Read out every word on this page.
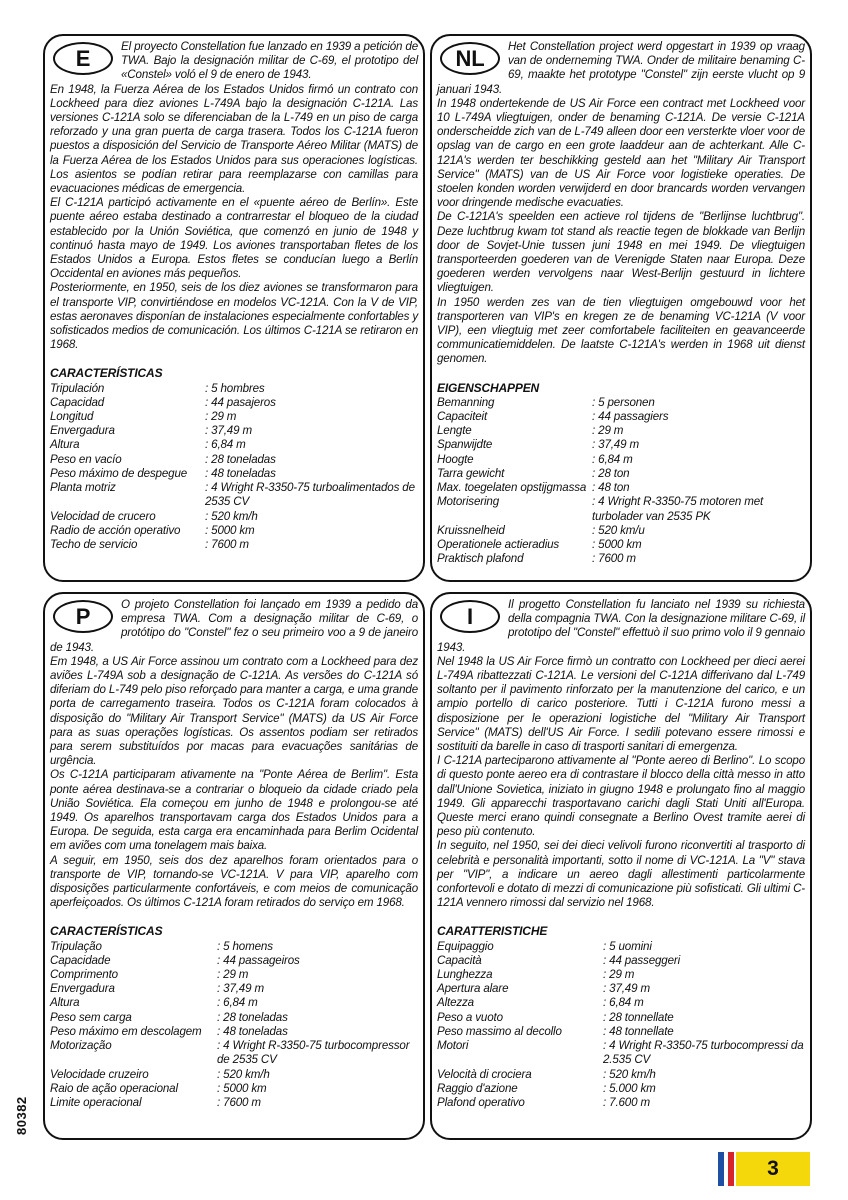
E	El proyecto Constellation fue lanzado en 1939 a petición de TWA. Bajo la designación militar de C-69, el prototipo del «Constel» voló el 9 de enero de 1943.

En 1948, la Fuerza Aérea de los Estados Unidos firmó un contrato con Lockheed para diez aviones L-749A bajo la designación C-121A. Las versiones C-121A solo se diferenciaban de la L-749 en un piso de carga reforzado y una gran puerta de carga trasera. Todos los C-121A fueron puestos a disposición del Servicio de Transporte Aéreo Militar (MATS) de la Fuerza Aérea de los Estados Unidos para sus operaciones logísticas. Los asientos se podían retirar para reemplazarse con camillas para evacuaciones médicas de emergencia.

El C-121A participó activamente en el «puente aéreo de Berlín». Este puente aéreo estaba destinado a contrarrestar el bloqueo de la ciudad establecido por la Unión Soviética, que comenzó en junio de 1948 y continuó hasta mayo de 1949. Los aviones transportaban fletes de los Estados Unidos a Europa. Estos fletes se conducían luego a Berlín Occidental en aviones más pequeños.

Posteriormente, en 1950, seis de los diez aviones se transformaron para el transporte VIP, convirtiéndose en modelos VC-121A. Con la V de VIP, estas aeronaves disponían de instalaciones especialmente confortables y sofisticados medios de comunicación. Los últimos C-121A se retiraron en 1968.

CARACTERÍSTICAS
Tripulación	: 5 hombres
Capacidad	: 44 pasajeros
Longitud	: 29 m
Envergadura	: 37,49 m
Altura	: 6,84 m
Peso en vacío	: 28 toneladas
Peso máximo de despegue	: 48 toneladas
Planta motriz	: 4 Wright R-3350-75 turboalimentados de 2535 CV
Velocidad de crucero	: 520 km/h
Radio de acción operativo	: 5000 km
Techo de servicio	: 7600 m
NL	Het Constellation project werd opgestart in 1939 op vraag van de onderneming TWA. Onder de militaire benaming C-69, maakte het prototype "Constel" zijn eerste vlucht op 9 januari 1943.

In 1948 ondertekende de US Air Force een contract met Lockheed voor 10 L-749A vliegtuigen, onder de benaming C-121A. De versie C-121A onderscheidde zich van de L-749 alleen door een versterkte vloer voor de opslag van de cargo en een grote laaddeur aan de achterkant. Alle C-121A's werden ter beschikking gesteld aan het "Military Air Transport Service" (MATS) van de US Air Force voor logistieke operaties. De stoelen konden worden verwijderd en door brancards worden vervangen voor dringende medische evacuaties.

De C-121A's speelden een actieve rol tijdens de "Berlijnse luchtbrug". Deze luchtbrug kwam tot stand als reactie tegen de blokkade van Berlijn door de Sovjet-Unie tussen juni 1948 en mei 1949. De vliegtuigen transporteerden goederen van de Verenigde Staten naar Europa. Deze goederen werden vervolgens naar West-Berlijn gestuurd in lichtere vliegtuigen.

In 1950 werden zes van de tien vliegtuigen omgebouwd voor het transporteren van VIP's en kregen ze de benaming VC-121A (V voor VIP), een vliegtuig met zeer comfortabele faciliteiten en geavanceerde communicatiemiddelen. De laatste C-121A's werden in 1968 uit dienst genomen.

EIGENSCHAPPEN
Bemanning	: 5 personen
Capaciteit	: 44 passagiers
Lengte	: 29 m
Spanwijdte	: 37,49 m
Hoogte	: 6,84 m
Tarra gewicht	: 28 ton
Max. toegelaten opstijgmassa : 48 ton
Motorisering	: 4 Wright R-3350-75 motoren met turbolader van 2535 PK
Kruissnelheid	: 520 km/u
Operationele actieradius	: 5000 km
Praktisch plafond	: 7600 m
P	O projeto Constellation foi lançado em 1939 a pedido da empresa TWA. Com a designação militar de C-69, o protótipo do "Constel" fez o seu primeiro voo a 9 de janeiro de 1943.

Em 1948, a US Air Force assinou um contrato com a Lockheed para dez aviões L-749A sob a designação de C-121A. As versões do C-121A só diferiam do L-749 pelo piso reforçado para manter a carga, e uma grande porta de carregamento traseira. Todos os C-121A foram colocados à disposição do "Military Air Transport Service" (MATS) da US Air Force para as suas operações logísticas. Os assentos podiam ser retirados para serem substituídos por macas para evacuações sanitárias de urgência.

Os C-121A participaram ativamente na "Ponte Aérea de Berlim". Esta ponte aérea destinava-se a contrariar o bloqueio da cidade criado pela União Soviética. Ela começou em junho de 1948 e prolongou-se até 1949. Os aparelhos transportavam carga dos Estados Unidos para a Europa. De seguida, esta carga era encaminhada para Berlim Ocidental em aviões com uma tonelagem mais baixa.

A seguir, em 1950, seis dos dez aparelhos foram orientados para o transporte de VIP, tornando-se VC-121A. V para VIP, aparelho com disposições particularmente confortáveis, e com meios de comunicação aperfeiçoados. Os últimos C-121A foram retirados do serviço em 1968.

CARACTERÍSTICAS
Tripulação	: 5 homens
Capacidade	: 44 passageiros
Comprimento	: 29 m
Envergadura	: 37,49 m
Altura	: 6,84 m
Peso sem carga	: 28 toneladas
Peso máximo em descolagem	: 48 toneladas
Motorização	: 4 Wright R-3350-75 turbocompressor de 2535 CV
Velocidade cruzeiro	: 520 km/h
Raio de ação operacional	: 5000 km
Limite operacional	: 7600 m
I	Il progetto Constellation fu lanciato nel 1939 su richiesta della compagnia TWA. Con la designazione militare C-69, il prototipo del "Constel" effettuò il suo primo volo il 9 gennaio 1943.

Nel 1948 la US Air Force firmò un contratto con Lockheed per dieci aerei L-749A ribattezzati C-121A. Le versioni del C-121A differivano dal L-749 soltanto per il pavimento rinforzato per la manutenzione del carico, e un ampio portello di carico posteriore. Tutti i C-121A furono messi a disposizione per le operazioni logistiche del "Military Air Transport Service" (MATS) dell'US Air Force. I sedili potevano essere rimossi e sostituiti da barelle in caso di trasporti sanitari di emergenza.

I C-121A parteciparono attivamente al "Ponte aereo di Berlino". Lo scopo di questo ponte aereo era di contrastare il blocco della città messo in atto dall'Unione Sovietica, iniziato in giugno 1948 e prolungato fino al maggio 1949. Gli apparecchi trasportavano carichi dagli Stati Uniti all'Europa. Queste merci erano quindi consegnate a Berlino Ovest tramite aerei di peso più contenuto.

In seguito, nel 1950, sei dei dieci velivoli furono riconvertiti al trasporto di celebrità e personalità importanti, sotto il nome di VC-121A. La "V" stava per "VIP", a indicare un aereo dagli allestimenti particolarmente confortevoli e dotato di mezzi di comunicazione più sofisticati. Gli ultimi C-121A vennero rimossi dal servizio nel 1968.

CARATTERISTICHE
Equipaggio	: 5 uomini
Capacità	: 44 passeggeri
Lunghezza	: 29 m
Apertura alare	: 37,49 m
Altezza	: 6,84 m
Peso a vuoto	: 28 tonnellate
Peso massimo al decollo	: 48 tonnellate
Motori	: 4 Wright R-3350-75 turbocompressi da 2.535 CV
Velocità di crociera	: 520 km/h
Raggio d'azione	: 5.000 km
Plafond operativo	: 7.600 m
80382
3
